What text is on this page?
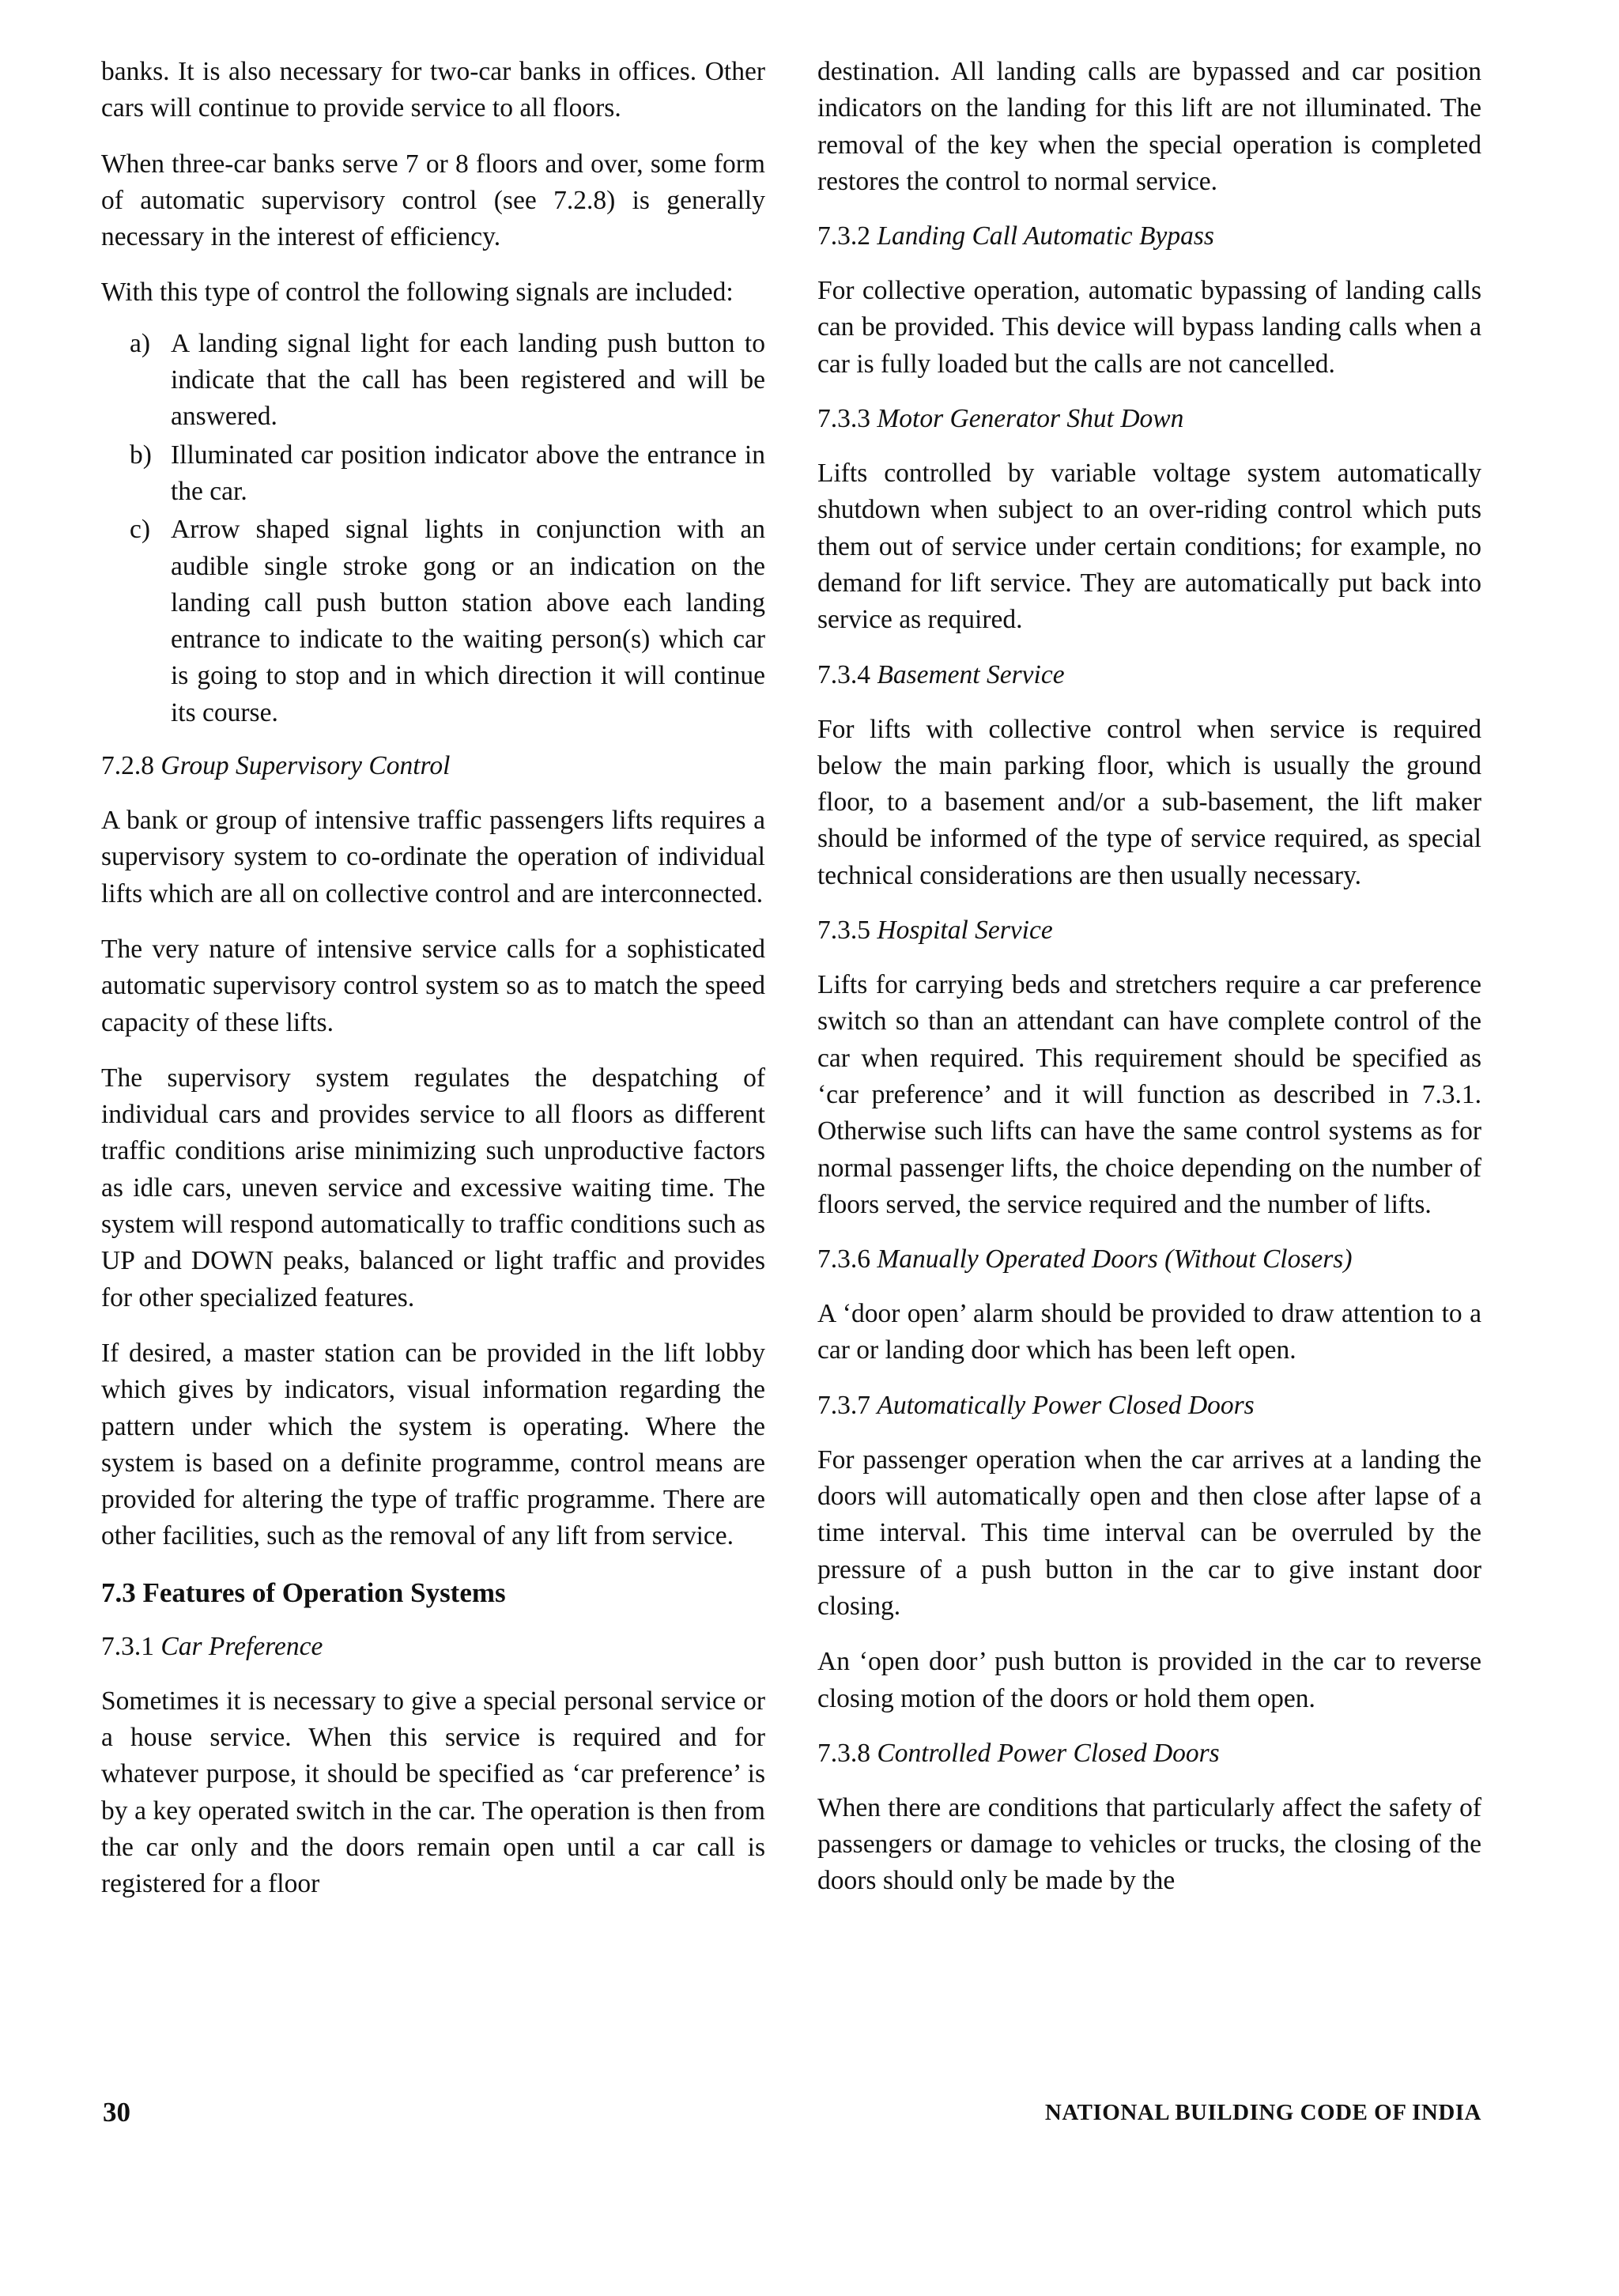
banks. It is also necessary for two-car banks in offices. Other cars will continue to provide service to all floors.

When three-car banks serve 7 or 8 floors and over, some form of automatic supervisory control (see 7.2.8) is generally necessary in the interest of efficiency.

With this type of control the following signals are included:

a) A landing signal light for each landing push button to indicate that the call has been registered and will be answered.
b) Illuminated car position indicator above the entrance in the car.
c) Arrow shaped signal lights in conjunction with an audible single stroke gong or an indication on the landing call push button station above each landing entrance to indicate to the waiting person(s) which car is going to stop and in which direction it will continue its course.
7.2.8 Group Supervisory Control

A bank or group of intensive traffic passengers lifts requires a supervisory system to co-ordinate the operation of individual lifts which are all on collective control and are interconnected.

The very nature of intensive service calls for a sophisticated automatic supervisory control system so as to match the speed capacity of these lifts.

The supervisory system regulates the despatching of individual cars and provides service to all floors as different traffic conditions arise minimizing such unproductive factors as idle cars, uneven service and excessive waiting time. The system will respond automatically to traffic conditions such as UP and DOWN peaks, balanced or light traffic and provides for other specialized features.

If desired, a master station can be provided in the lift lobby which gives by indicators, visual information regarding the pattern under which the system is operating. Where the system is based on a definite programme, control means are provided for altering the type of traffic programme. There are other facilities, such as the removal of any lift from service.

7.3 Features of Operation Systems
7.3.1 Car Preference

Sometimes it is necessary to give a special personal service or a house service. When this service is required and for whatever purpose, it should be specified as ‘car preference’ is by a key operated switch in the car. The operation is then from the car only and the doors remain open until a car call is registered for a floor

destination. All landing calls are bypassed and car position indicators on the landing for this lift are not illuminated. The removal of the key when the special operation is completed restores the control to normal service.

7.3.2 Landing Call Automatic Bypass

For collective operation, automatic bypassing of landing calls can be provided. This device will bypass landing calls when a car is fully loaded but the calls are not cancelled.

7.3.3 Motor Generator Shut Down

Lifts controlled by variable voltage system automatically shutdown when subject to an over-riding control which puts them out of service under certain conditions; for example, no demand for lift service. They are automatically put back into service as required.

7.3.4 Basement Service

For lifts with collective control when service is required below the main parking floor, which is usually the ground floor, to a basement and/or a sub-basement, the lift maker should be informed of the type of service required, as special technical considerations are then usually necessary.

7.3.5 Hospital Service

Lifts for carrying beds and stretchers require a car preference switch so than an attendant can have complete control of the car when required. This requirement should be specified as ‘car preference’ and it will function as described in 7.3.1. Otherwise such lifts can have the same control systems as for normal passenger lifts, the choice depending on the number of floors served, the service required and the number of lifts.

7.3.6 Manually Operated Doors (Without Closers)

A ‘door open’ alarm should be provided to draw attention to a car or landing door which has been left open.

7.3.7 Automatically Power Closed Doors

For passenger operation when the car arrives at a landing the doors will automatically open and then close after lapse of a time interval. This time interval can be overruled by the pressure of a push button in the car to give instant door closing.

An ‘open door’ push button is provided in the car to reverse closing motion of the doors or hold them open.

7.3.8 Controlled Power Closed Doors

When there are conditions that particularly affect the safety of passengers or damage to vehicles or trucks, the closing of the doors should only be made by the

30	NATIONAL BUILDING CODE OF INDIA
